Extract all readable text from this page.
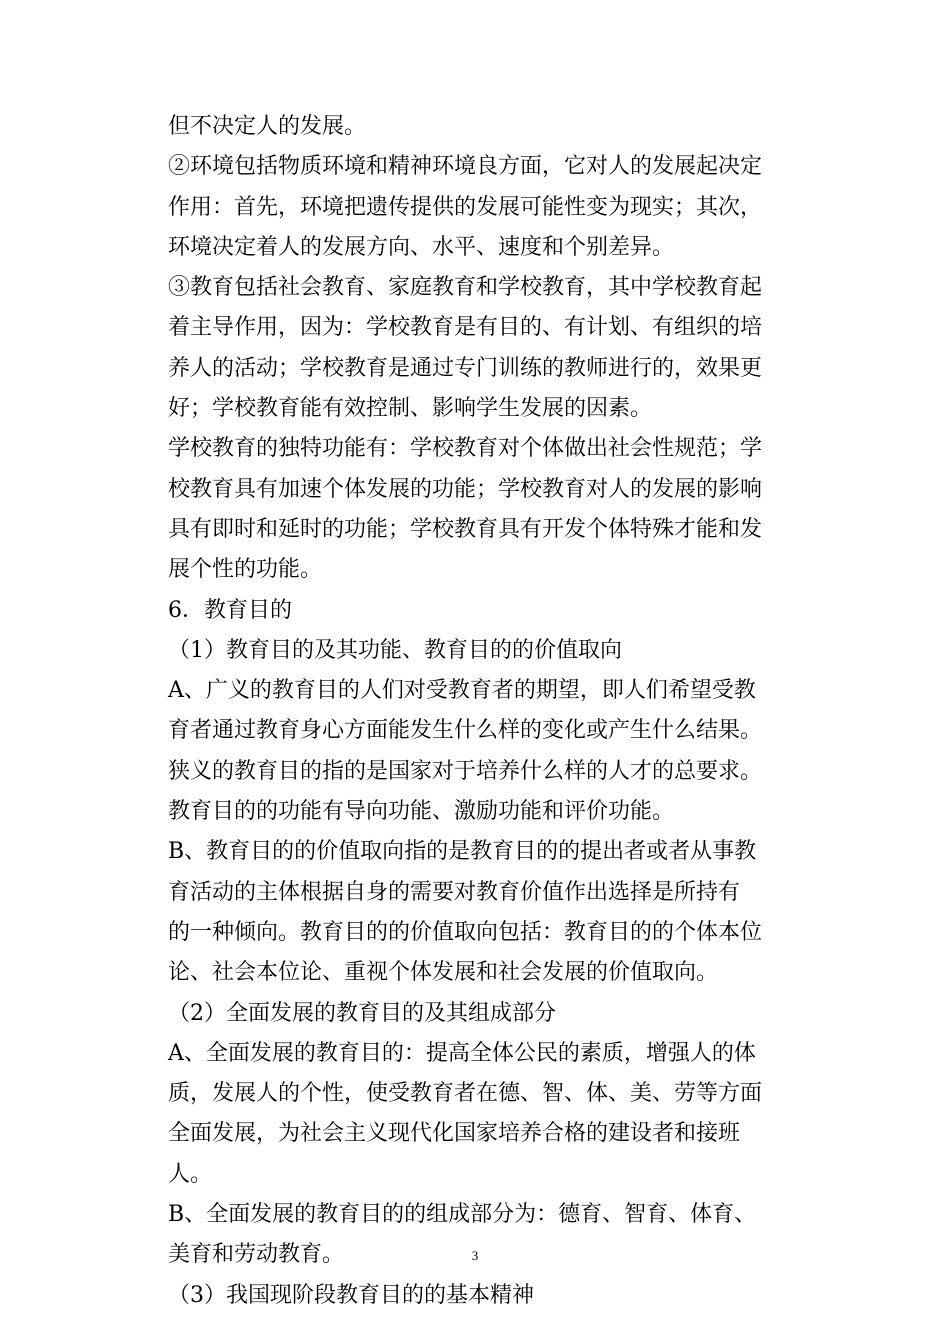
但不决定人的发展。
②环境包括物质环境和精神环境良方面，它对人的发展起决定
作用：首先，环境把遗传提供的发展可能性变为现实；其次，
环境决定着人的发展方向、水平、速度和个别差异。
③教育包括社会教育、家庭教育和学校教育，其中学校教育起
着主导作用，因为：学校教育是有目的、有计划、有组织的培
养人的活动；学校教育是通过专门训练的教师进行的，效果更
好；学校教育能有效控制、影响学生发展的因素。
学校教育的独特功能有：学校教育对个体做出社会性规范；学
校教育具有加速个体发展的功能；学校教育对人的发展的影响
具有即时和延时的功能；学校教育具有开发个体特殊才能和发
展个性的功能。
6．教育目的
（1）教育目的及其功能、教育目的的价值取向
A、广义的教育目的人们对受教育者的期望，即人们希望受教
育者通过教育身心方面能发生什么样的变化或产生什么结果。
狭义的教育目的指的是国家对于培养什么样的人才的总要求。
教育目的的功能有导向功能、激励功能和评价功能。
B、教育目的的价值取向指的是教育目的的提出者或者从事教
育活动的主体根据自身的需要对教育价值作出选择是所持有
的一种倾向。教育目的的价值取向包括：教育目的的个体本位
论、社会本位论、重视个体发展和社会发展的价值取向。
（2）全面发展的教育目的及其组成部分
A、全面发展的教育目的：提高全体公民的素质，增强人的体
质，发展人的个性，使受教育者在德、智、体、美、劳等方面
全面发展，为社会主义现代化国家培养合格的建设者和接班
人。
B、全面发展的教育目的的组成部分为：德育、智育、体育、
美育和劳动教育。
（3）我国现阶段教育目的的基本精神
3
